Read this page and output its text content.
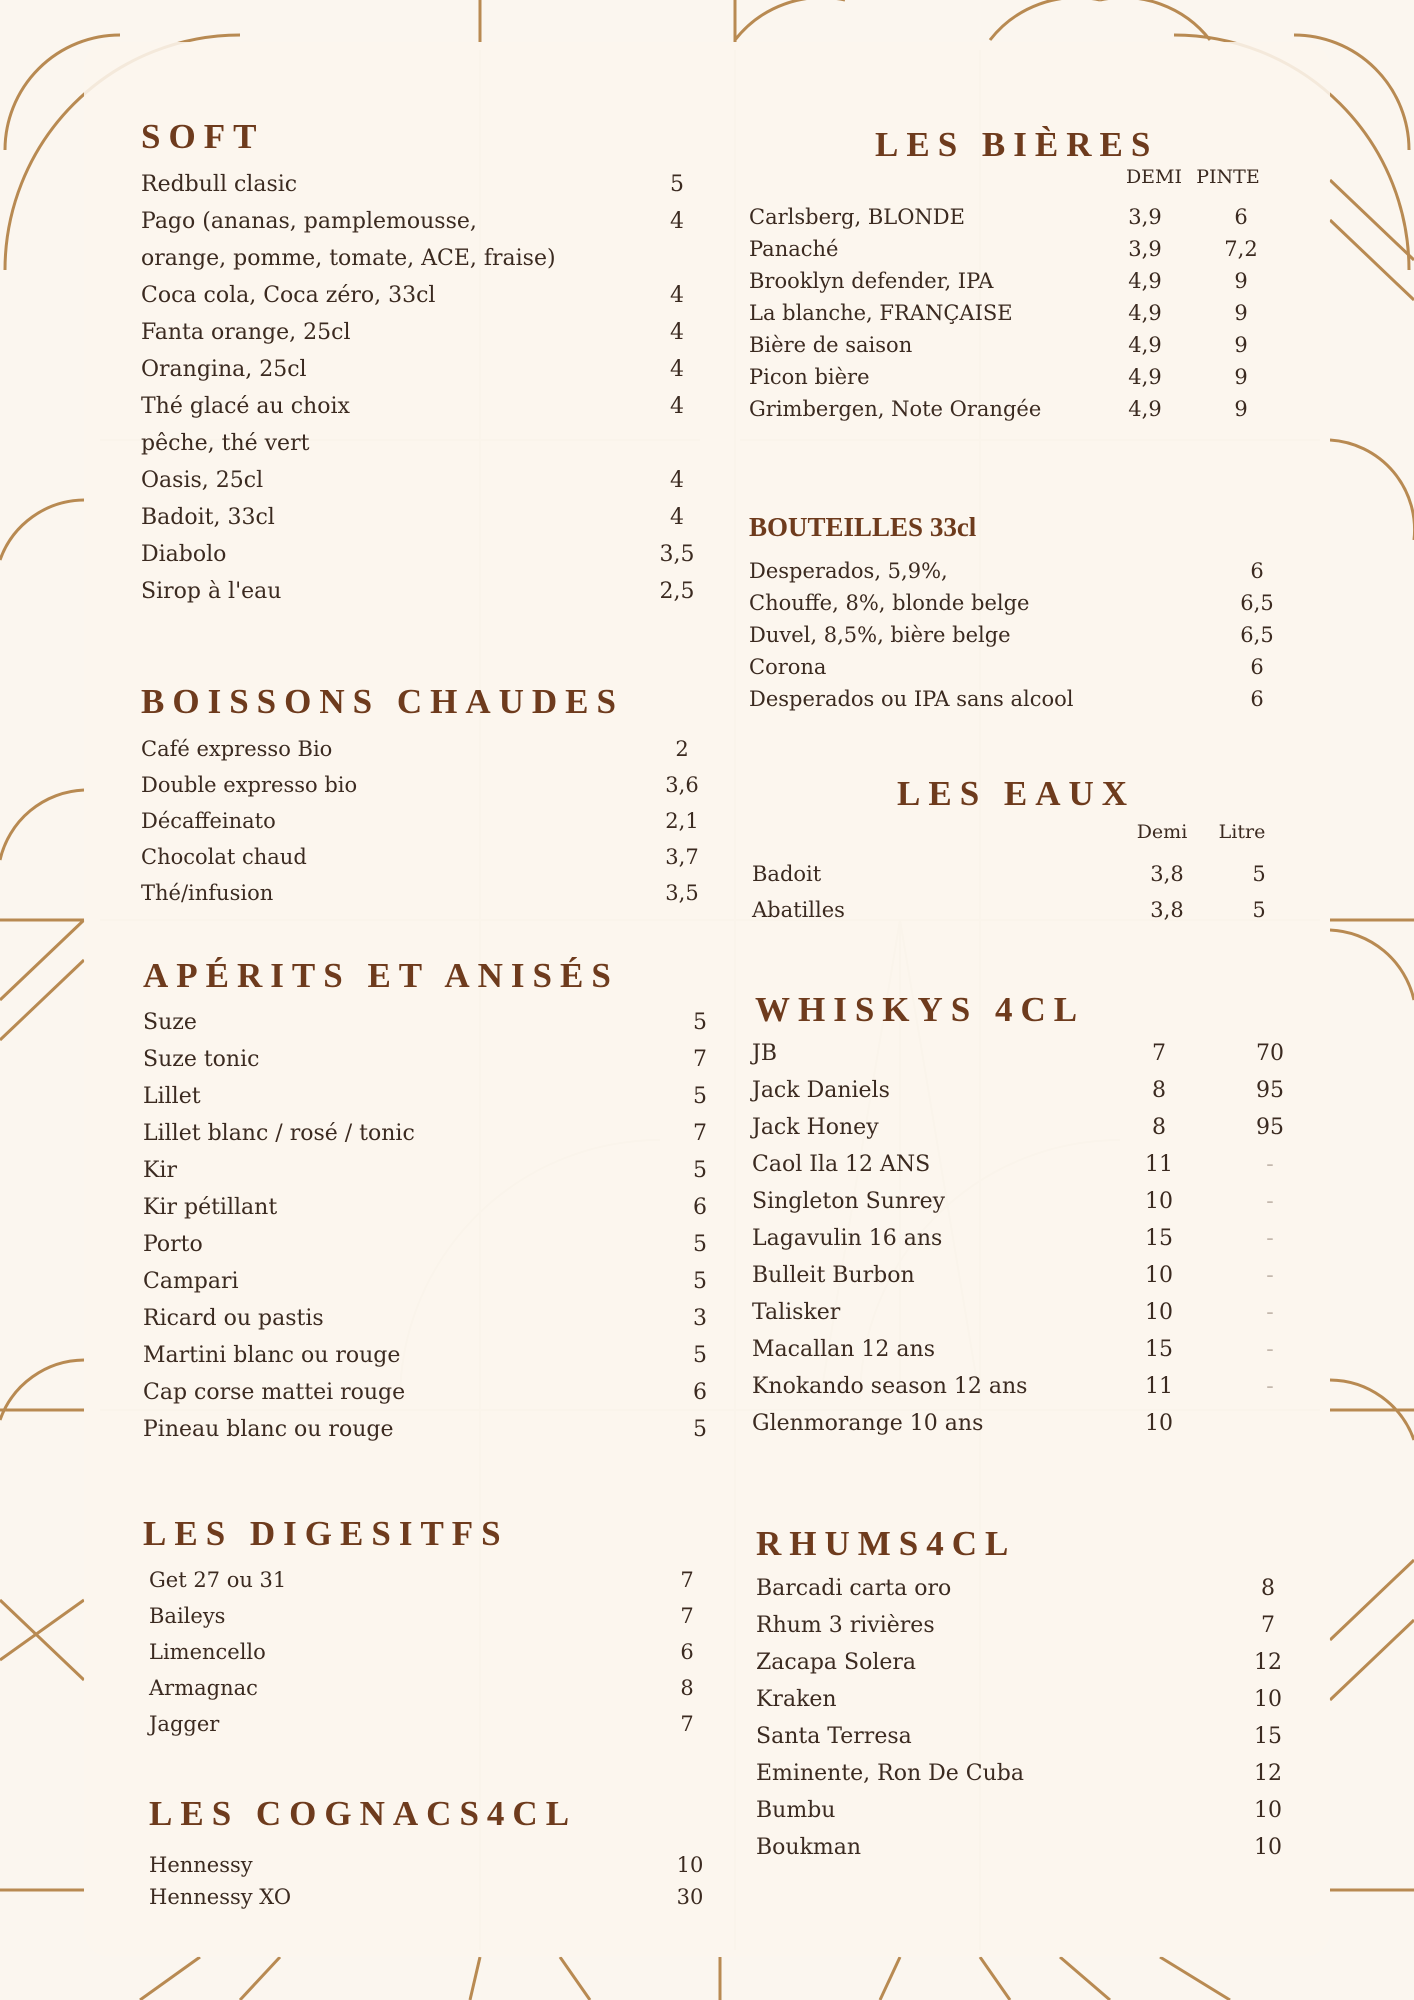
SOFT
Redbull clasic	5
Pago (ananas, pamplemousse,	4
orange, pomme, tomate, ACE, fraise)
Coca cola, Coca zéro, 33cl	4
Fanta orange, 25cl	4
Orangina, 25cl	4
Thé glacé au choix	4
pêche, thé vert
Oasis, 25cl	4
Badoit, 33cl	4
Diabolo	3,5
Sirop à l'eau	2,5
BOISSONS CHAUDES
Café expresso Bio	2
Double expresso bio	3,6
Décaffeinato	2,1
Chocolat chaud	3,7
Thé/infusion	3,5
APÉRITS ET ANISÉS
Suze	5
Suze tonic	7
Lillet	5
Lillet blanc / rosé / tonic	7
Kir	5
Kir pétillant	6
Porto	5
Campari	5
Ricard ou pastis	3
Martini blanc ou rouge	5
Cap corse mattei rouge	6
Pineau blanc ou rouge	5
LES DIGESITFS
Get 27 ou 31	7
Baileys	7
Limencello	6
Armagnac	8
Jagger	7
LES COGNACS4CL
Hennessy	10
Hennessy XO	30
LES BIÈRES
DEMI PINTE
Carlsberg, BLONDE	3,9	6
Panaché	3,9	7,2
Brooklyn defender, IPA	4,9	9
La blanche, FRANÇAISE	4,9	9
Bière de saison	4,9	9
Picon bière	4,9	9
Grimbergen, Note Orangée	4,9	9
BOUTEILLES 33cl
Desperados, 5,9%,	6
Chouffe, 8%, blonde belge	6,5
Duvel, 8,5%, bière belge	6,5
Corona	6
Desperados ou IPA sans alcool	6
LES EAUX
Demi	Litre
Badoit	3,8	5
Abatilles	3,8	5
WHISKYS 4CL
JB	7	70
Jack Daniels	8	95
Jack Honey	8	95
Caol Ila 12 ANS	11	-
Singleton Sunrey	10	-
Lagavulin 16 ans	15	-
Bulleit Burbon	10	-
Talisker	10	-
Macallan 12 ans	15	-
Knokando season 12 ans	11	-
Glenmorange 10 ans	10
RHUMS4CL
Barcadi carta oro	8
Rhum 3 rivières	7
Zacapa Solera	12
Kraken	10
Santa Terresa	15
Eminente, Ron De Cuba	12
Bumbu	10
Boukman	10
